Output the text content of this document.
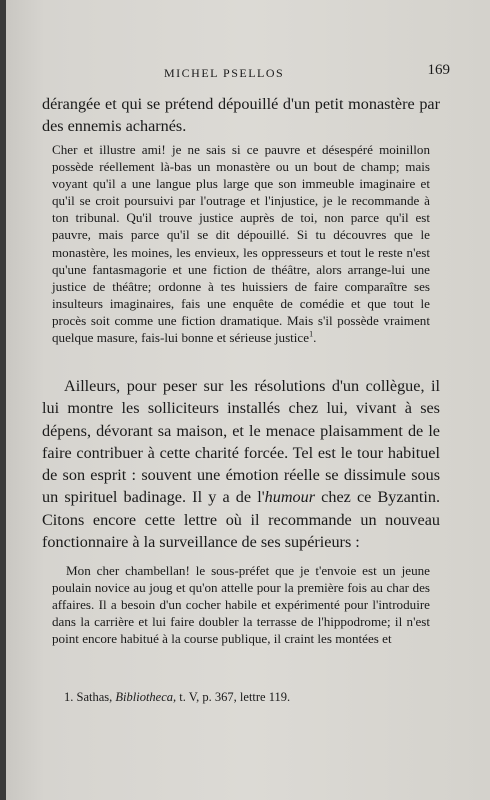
MICHEL PSELLOS	169

dérangée et qui se prétend dépouillé d'un petit monastère par des ennemis acharnés.

Cher et illustre ami! je ne sais si ce pauvre et désespéré moinillon possède réellement là-bas un monastère ou un bout de champ; mais voyant qu'il a une langue plus large que son immeuble imaginaire et qu'il se croit poursuivi par l'outrage et l'injustice, je le recommande à ton tribunal. Qu'il trouve justice auprès de toi, non parce qu'il est pauvre, mais parce qu'il se dit dépouillé. Si tu découvres que le monastère, les moines, les envieux, les oppresseurs et tout le reste n'est qu'une fantasmagorie et une fiction de théâtre, alors arrange-lui une justice de théâtre; ordonne à tes huissiers de faire comparaître ses insulteurs imaginaires, fais une enquête de comédie et que tout le procès soit comme une fiction dramatique. Mais s'il possède vraiment quelque masure, fais-lui bonne et sérieuse justice$^1$.

Ailleurs, pour peser sur les résolutions d'un collègue, il lui montre les solliciteurs installés chez lui, vivant à ses dépens, dévorant sa maison, et le menace plaisamment de le faire contribuer à cette charité forcée. Tel est le tour habituel de son esprit : souvent une émotion réelle se dissimule sous un spirituel badinage. Il y a de l'humour chez ce Byzantin. Citons encore cette lettre où il recommande un nouveau fonctionnaire à la surveillance de ses supérieurs :

Mon cher chambellan! le sous-préfet que je t'envoie est un jeune poulain novice au joug et qu'on attelle pour la première fois au char des affaires. Il a besoin d'un cocher habile et expérimenté pour l'introduire dans la carrière et lui faire doubler la terrasse de l'hippodrome; il n'est point encore habitué à la course publique, il craint les montées et

1. Sathas, Bibliotheca, t. V, p. 367, lettre 119.
